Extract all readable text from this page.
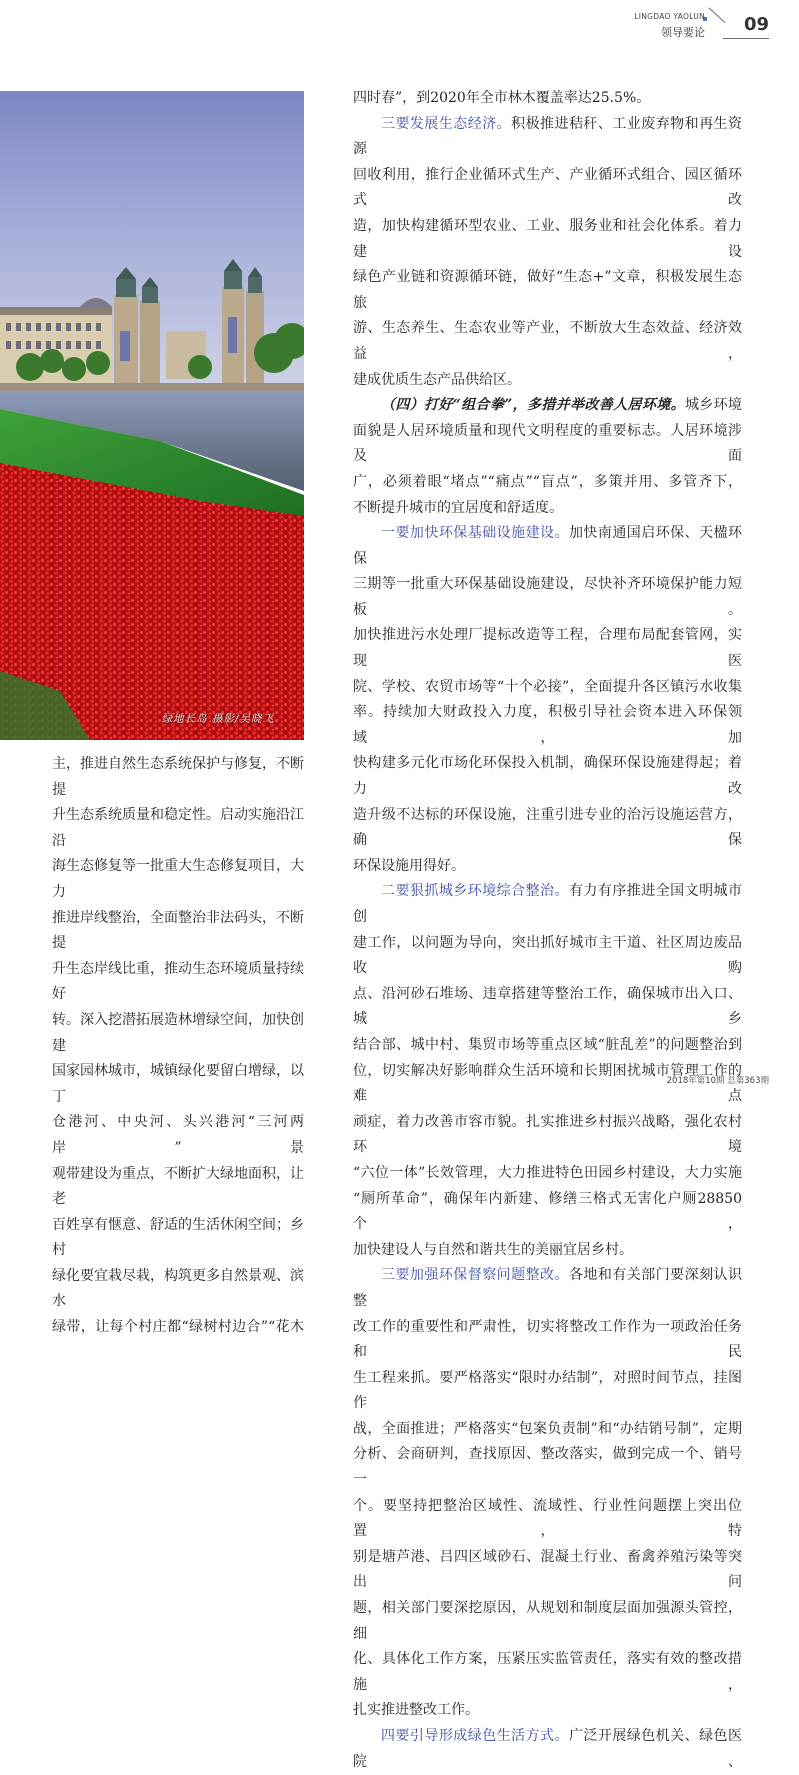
LINGDAO YAOLUN
领导要论 09
绿地长岛 摄影/吴晓飞

主，推进自然生态系统保护与修复，不断提

升生态系统质量和稳定性。启动实施沿江沿

海生态修复等一批重大生态修复项目，大力

推进岸线整治，全面整治非法码头，不断提

升生态岸线比重，推动生态环境质量持续好

转。深入挖潜拓展造林增绿空间，加快创建

国家园林城市，城镇绿化要留白增绿，以丁

仓港河、中央河、头兴港河“三河两岸”景

观带建设为重点，不断扩大绿地面积，让老

百姓享有惬意、舒适的生活休闲空间；乡村

绿化要宜栽尽栽，构筑更多自然景观、滨水

绿带，让每个村庄都“绿树村边合”“花木

四时春”，到2020年全市林木覆盖率达25.5%。

三要发展生态经济。积极推进秸秆、工业废弃物和再生资源

回收利用，推行企业循环式生产、产业循环式组合、园区循环式改

造，加快构建循环型农业、工业、服务业和社会化体系。着力建设

绿色产业链和资源循环链，做好“生态+”文章，积极发展生态旅

游、生态养生、生态农业等产业，不断放大生态效益、经济效益，

建成优质生态产品供给区。

（四）打好“组合拳”，多措并举改善人居环境。城乡环境

面貌是人居环境质量和现代文明程度的重要标志。人居环境涉及面

广，必须着眼“堵点”“痛点”“盲点”，多策并用、多管齐下，

不断提升城市的宜居度和舒适度。

一要加快环保基础设施建设。加快南通国启环保、天楹环保

三期等一批重大环保基础设施建设，尽快补齐环境保护能力短板。

加快推进污水处理厂提标改造等工程，合理布局配套管网，实现医

院、学校、农贸市场等“十个必接”，全面提升各区镇污水收集

率。持续加大财政投入力度，积极引导社会资本进入环保领域，加

快构建多元化市场化环保投入机制，确保环保设施建得起；着力改

造升级不达标的环保设施，注重引进专业的治污设施运营方，确保

环保设施用得好。

二要狠抓城乡环境综合整治。有力有序推进全国文明城市创

建工作，以问题为导向，突出抓好城市主干道、社区周边废品收购

点、沿河砂石堆场、违章搭建等整治工作，确保城市出入口、城乡

结合部、城中村、集贸市场等重点区域“脏乱差”的问题整治到

位，切实解决好影响群众生活环境和长期困扰城市管理工作的难点

顽症，着力改善市容市貌。扎实推进乡村振兴战略，强化农村环境

“六位一体”长效管理，大力推进特色田园乡村建设，大力实施

“厕所革命”，确保年内新建、修缮三格式无害化户厕28850个，

加快建设人与自然和谐共生的美丽宜居乡村。

三要加强环保督察问题整改。各地和有关部门要深刻认识整

改工作的重要性和严肃性，切实将整改工作作为一项政治任务和民

生工程来抓。要严格落实“限时办结制”，对照时间节点，挂图作

战，全面推进；严格落实“包案负责制”和“办结销号制”，定期

分析、会商研判，查找原因、整改落实，做到完成一个、销号一

个。要坚持把整治区域性、流域性、行业性问题摆上突出位置，特

别是塘芦港、吕四区域砂石、混凝土行业、畜禽养殖污染等突出问

题，相关部门要深挖原因，从规划和制度层面加强源头管控，细

化、具体化工作方案，压紧压实监管责任，落实有效的整改措施，

扎实推进整改工作。

四要引导形成绿色生活方式。广泛开展绿色机关、绿色医院、

2018年第10期 总第363期
